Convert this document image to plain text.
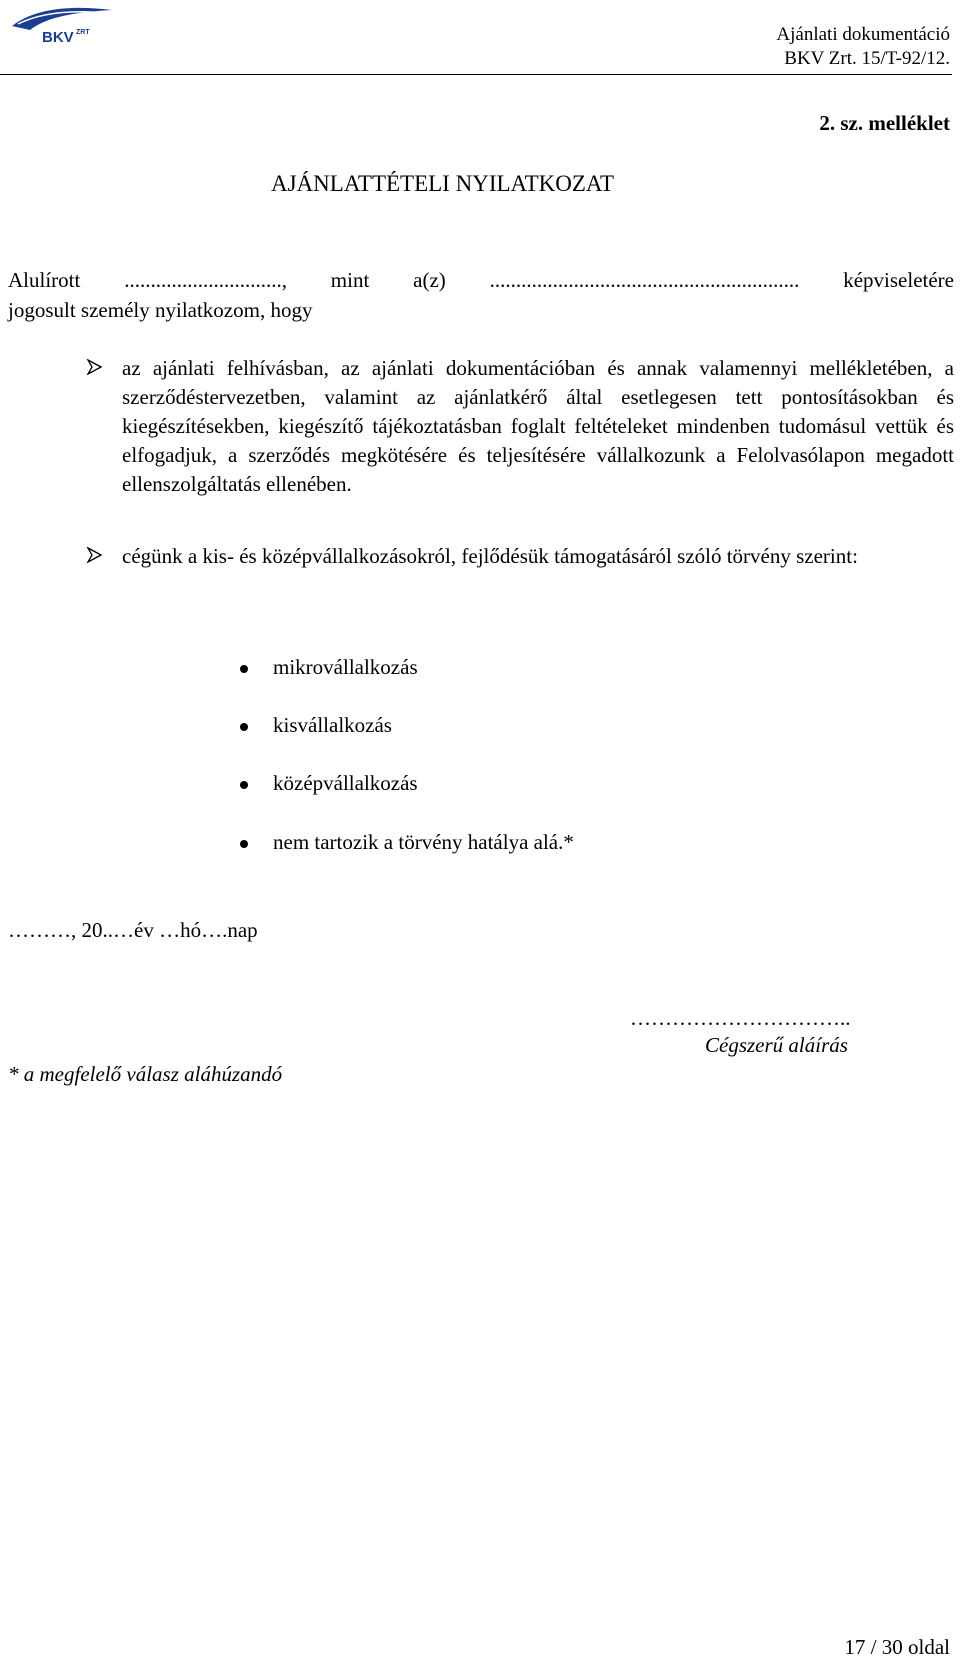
BKV ZRT	Ajánlati dokumentáció
BKV Zrt. 15/T-92/12.
2. sz. melléklet
AJÁNLATTÉTELI NYILATKOZAT
Alulírott .............................., mint a(z) ........................................................... képviseletére
jogosult személy nyilatkozom, hogy
az ajánlati felhívásban, az ajánlati dokumentációban és annak valamennyi mellékletében, a szerződéstervezetben, valamint az ajánlatkérő által esetlegesen tett pontosításokban és kiegészítésekben, kiegészítő tájékoztatásban foglalt feltételeket mindenben tudomásul vettük és elfogadjuk, a szerződés megkötésére és teljesítésére vállalkozunk a Felolvasólapon megadott ellenszolgáltatás ellenében.
cégünk a kis- és középvállalkozásokról, fejlődésük támogatásáról szóló törvény szerint:
mikrovállalkozás
kisvállalkozás
középvállalkozás
nem tartozik a törvény hatálya alá.*
………, 20..…év …hó….nap
…………………………..
Cégszerű aláírás
* a megfelelő válasz aláhúzandó
17 / 30 oldal
